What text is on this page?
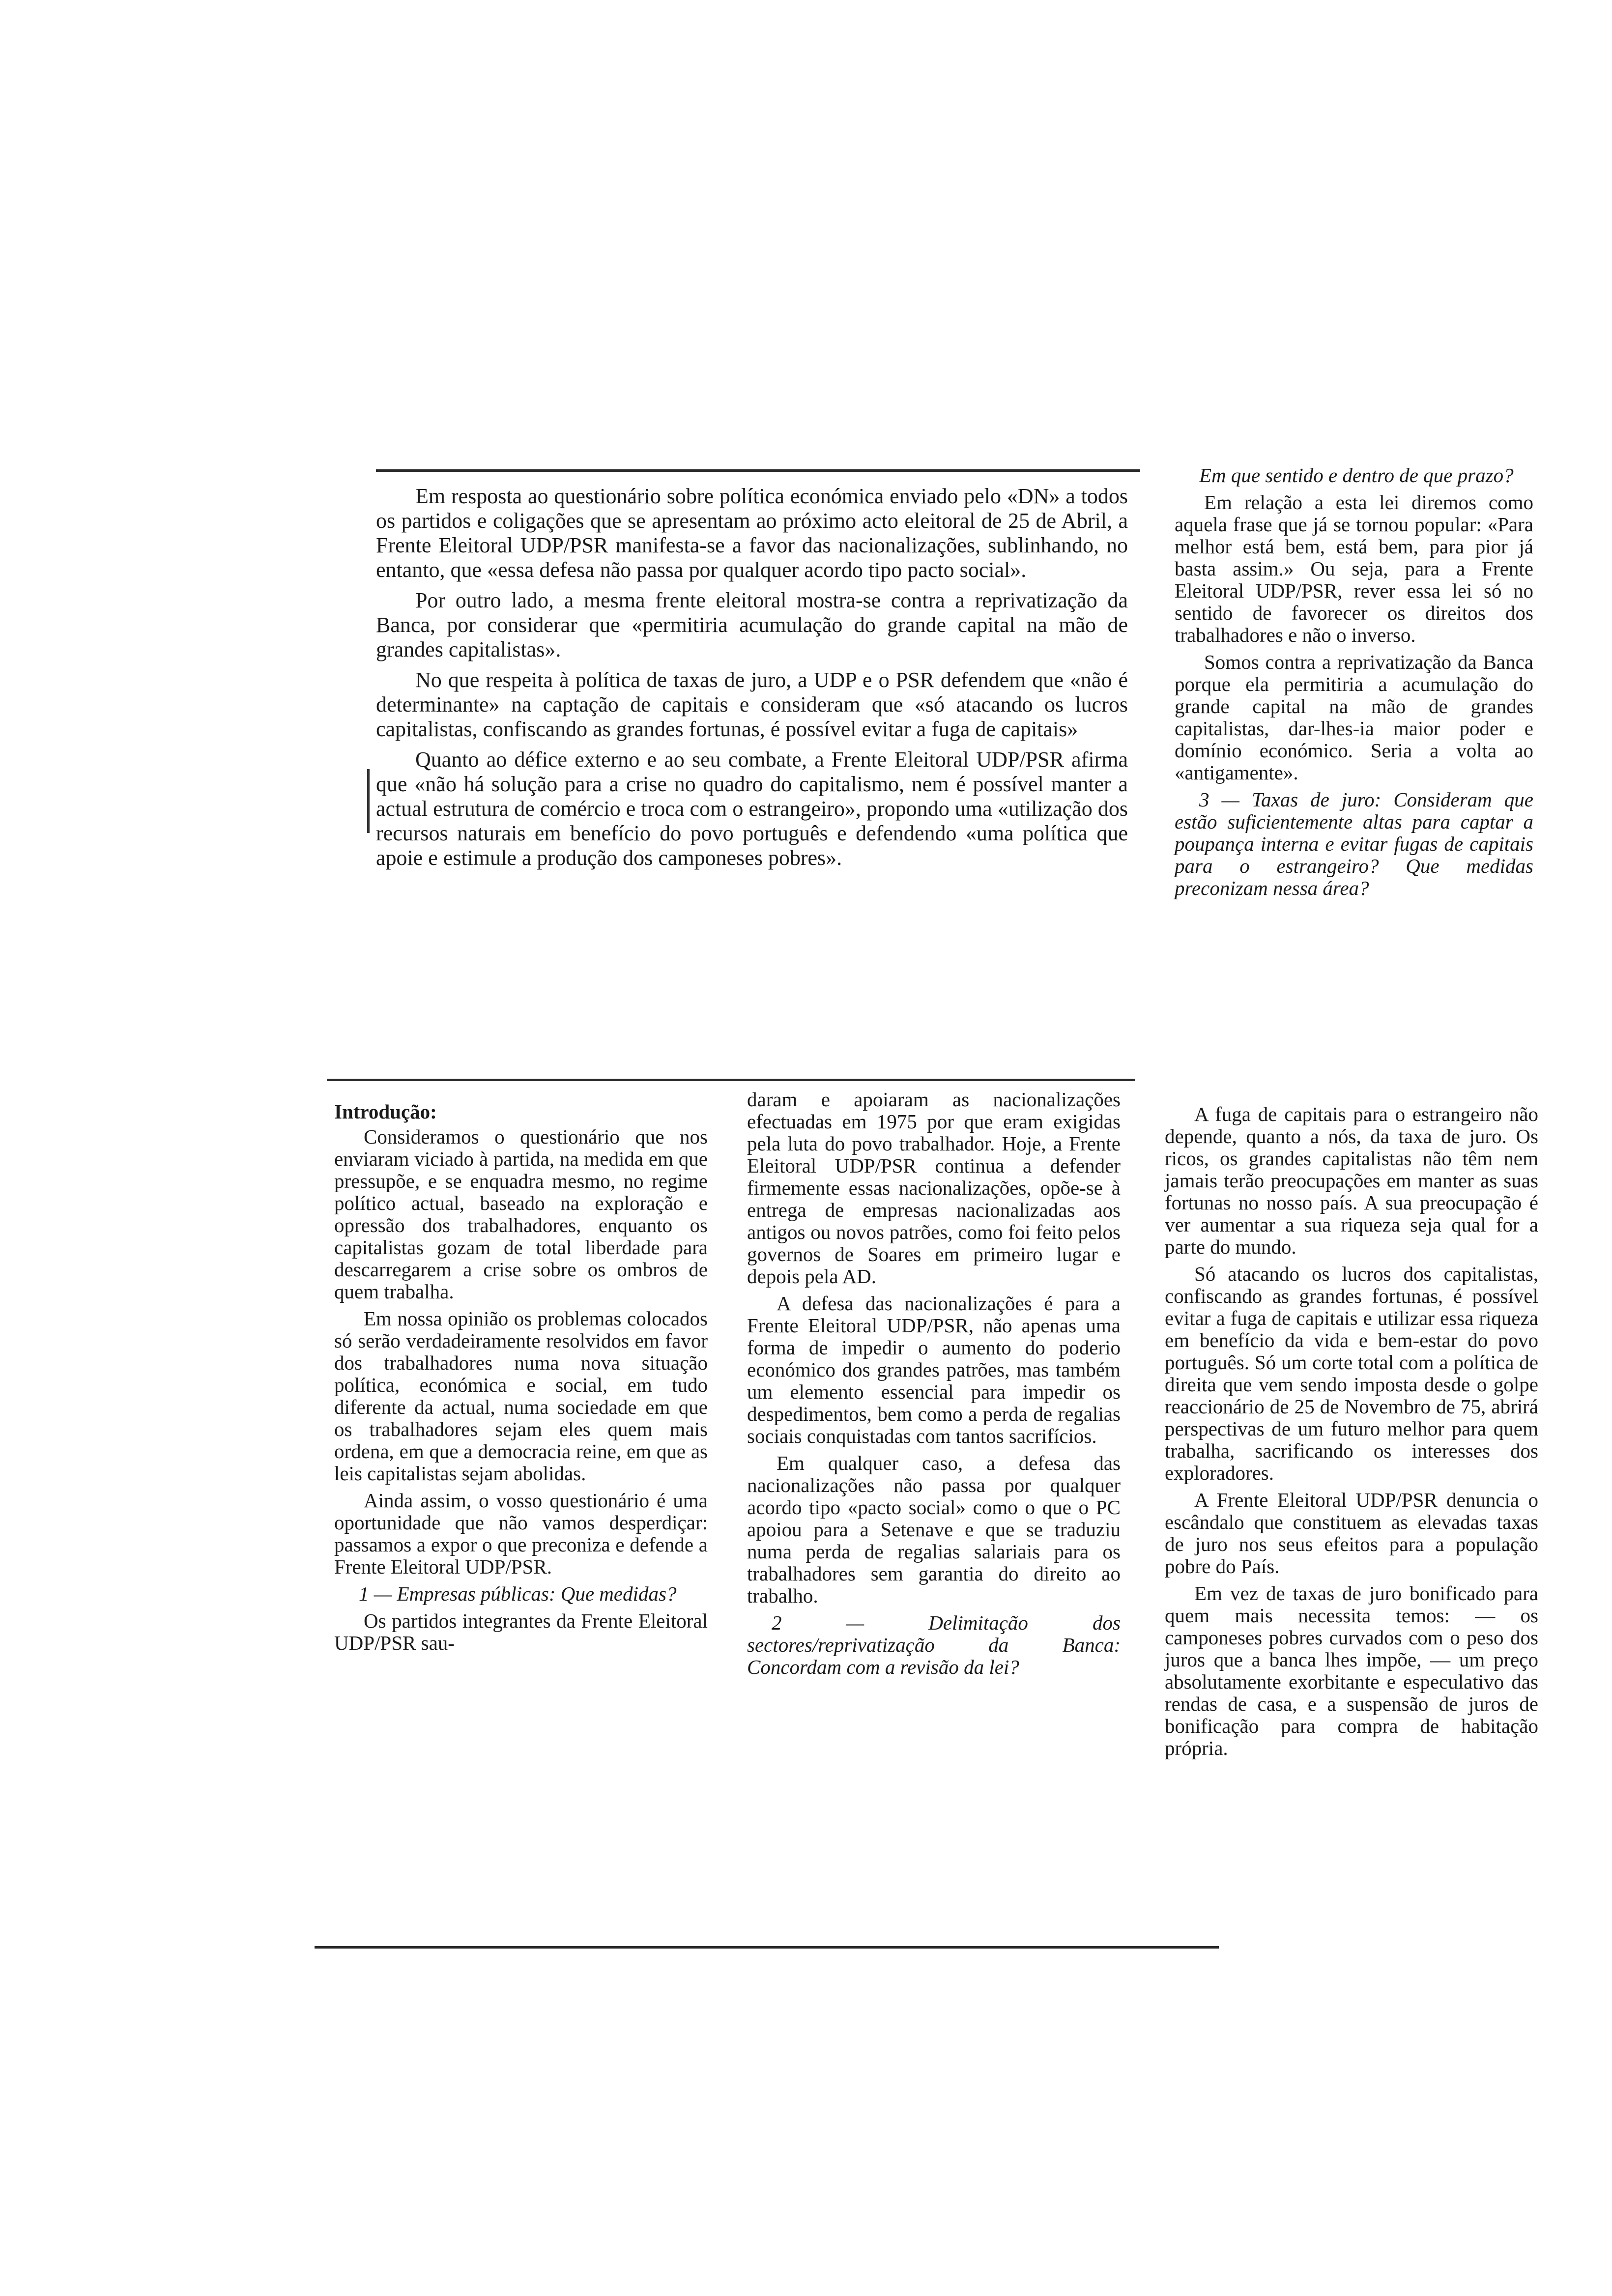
Em resposta ao questionário sobre política económica enviado pelo «DN» a todos os partidos e coligações que se apresentam ao próximo acto eleitoral de 25 de Abril, a Frente Eleitoral UDP/PSR manifesta-se a favor das nacionalizações, sublinhando, no entanto, que «essa defesa não passa por qualquer acordo tipo pacto social».

Por outro lado, a mesma frente eleitoral mostra-se contra a reprivatização da Banca, por considerar que «permitiria acumulação do grande capital na mão de grandes capitalistas».

No que respeita à política de taxas de juro, a UDP e o PSR defendem que «não é determinante» na captação de capitais e consideram que «só atacando os lucros capitalistas, confiscando as grandes fortunas, é possível evitar a fuga de capitais»

Quanto ao défice externo e ao seu combate, a Frente Eleitoral UDP/PSR afirma que «não há solução para a crise no quadro do capitalismo, nem é possível manter a actual estrutura de comércio e troca com o estrangeiro», propondo uma «utilização dos recursos naturais em benefício do povo português e defendendo «uma política que apoie e estimule a produção dos camponeses pobres».

Em que sentido e dentro de que prazo?

Em relação a esta lei diremos como aquela frase que já se tornou popular: «Para melhor está bem, está bem, para pior já basta assim.» Ou seja, para a Frente Eleitoral UDP/PSR, rever essa lei só no sentido de favorecer os direitos dos trabalhadores e não o inverso.

Somos contra a reprivatização da Banca porque ela permitiria a acumulação do grande capital na mão de grandes capitalistas, dar-lhes-ia maior poder e domínio económico. Seria a volta ao «antigamente».

3 — Taxas de juro: Consideram que estão suficientemente altas para captar a poupança interna e evitar fugas de capitais para o estrangeiro? Que medidas preconizam nessa área?

Introdução:

Consideramos o questionário que nos enviaram viciado à partida, na medida em que pressupõe, e se enquadra mesmo, no regime político actual, baseado na exploração e opressão dos trabalhadores, enquanto os capitalistas gozam de total liberdade para descarregarem a crise sobre os ombros de quem trabalha.

Em nossa opinião os problemas colocados só serão verdadeiramente resolvidos em favor dos trabalhadores numa nova situação política, económica e social, em tudo diferente da actual, numa sociedade em que os trabalhadores sejam eles quem mais ordena, em que a democracia reine, em que as leis capitalistas sejam abolidas.

Ainda assim, o vosso questionário é uma oportunidade que não vamos desperdiçar: passamos a expor o que preconiza e defende a Frente Eleitoral UDP/PSR.

1 — Empresas públicas: Que medidas?

Os partidos integrantes da Frente Eleitoral UDP/PSR sau-

daram e apoiaram as nacionalizações efectuadas em 1975 por que eram exigidas pela luta do povo trabalhador. Hoje, a Frente Eleitoral UDP/PSR continua a defender firmemente essas nacionalizações, opõe-se à entrega de empresas nacionalizadas aos antigos ou novos patrões, como foi feito pelos governos de Soares em primeiro lugar e depois pela AD.

A defesa das nacionalizações é para a Frente Eleitoral UDP/PSR, não apenas uma forma de impedir o aumento do poderio económico dos grandes patrões, mas também um elemento essencial para impedir os despedimentos, bem como a perda de regalias sociais conquistadas com tantos sacrifícios.

Em qualquer caso, a defesa das nacionalizações não passa por qualquer acordo tipo «pacto social» como o que o PC apoiou para a Setenave e que se traduziu numa perda de regalias salariais para os trabalhadores sem garantia do direito ao trabalho.

2 — Delimitação dos sectores/reprivatização da Banca: Concordam com a revisão da lei?

A fuga de capitais para o estrangeiro não depende, quanto a nós, da taxa de juro. Os ricos, os grandes capitalistas não têm nem jamais terão preocupações em manter as suas fortunas no nosso país. A sua preocupação é ver aumentar a sua riqueza seja qual for a parte do mundo.

Só atacando os lucros dos capitalistas, confiscando as grandes fortunas, é possível evitar a fuga de capitais e utilizar essa riqueza em benefício da vida e bem-estar do povo português. Só um corte total com a política de direita que vem sendo imposta desde o golpe reaccionário de 25 de Novembro de 75, abrirá perspectivas de um futuro melhor para quem trabalha, sacrificando os interesses dos exploradores.

A Frente Eleitoral UDP/PSR denuncia o escândalo que constituem as elevadas taxas de juro nos seus efeitos para a população pobre do País.

Em vez de taxas de juro bonificado para quem mais necessita temos: — os camponeses pobres curvados com o peso dos juros que a banca lhes impõe, — um preço absolutamente exorbitante e especulativo das rendas de casa, e a suspensão de juros de bonificação para compra de habitação própria.
